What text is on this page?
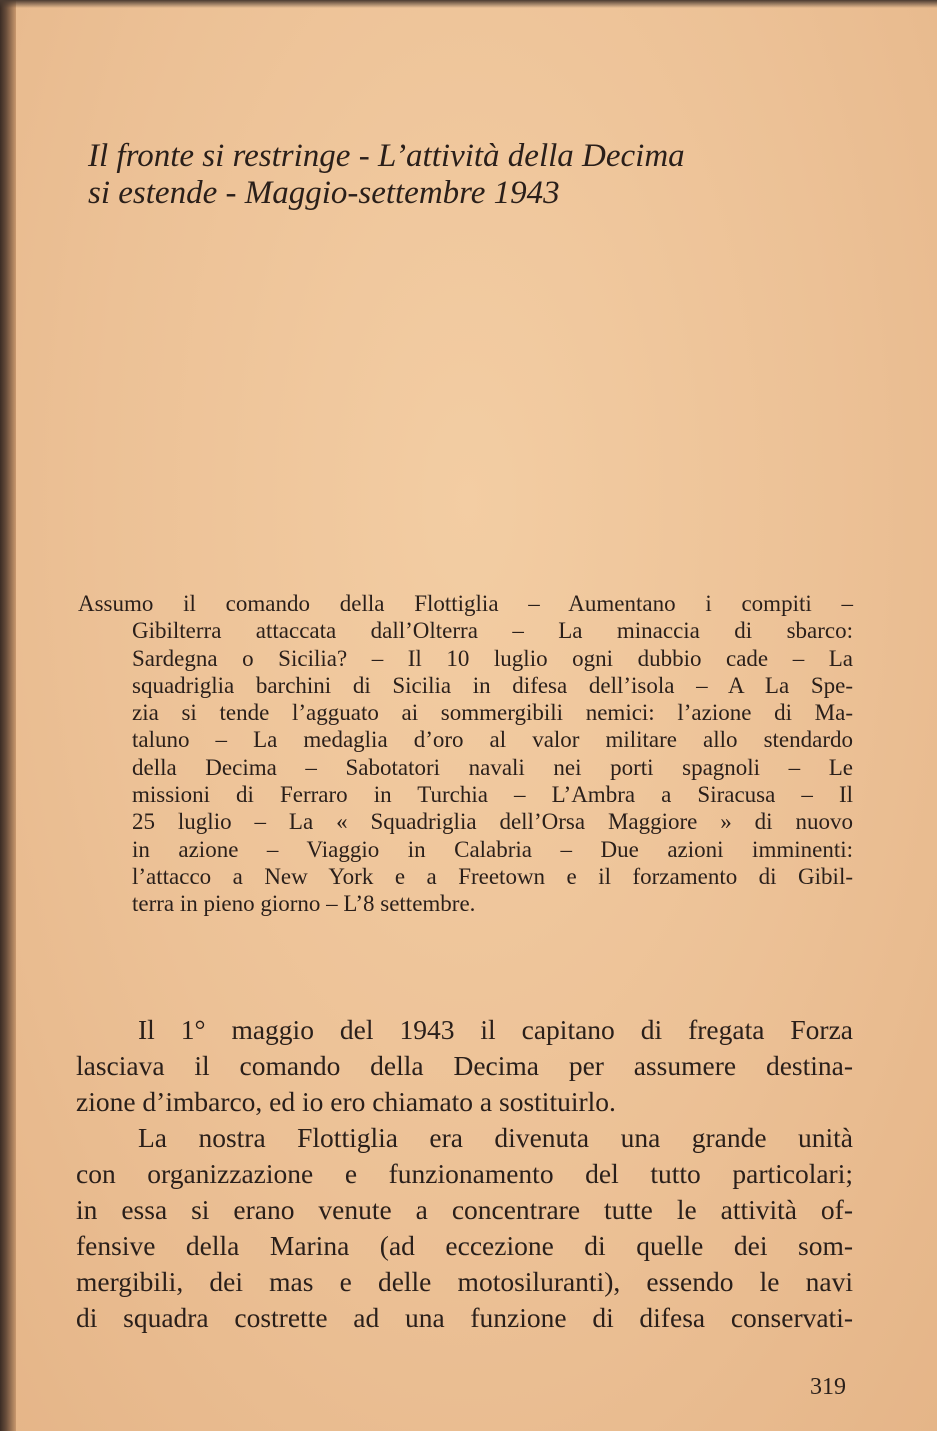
Il fronte si restringe - L’attività della Decima
si estende - Maggio-settembre 1943
Assumo il comando della Flottiglia – Aumentano i compiti –
Gibilterra attaccata dall’Olterra – La minaccia di sbarco:
Sardegna o Sicilia? – Il 10 luglio ogni dubbio cade – La
squadriglia barchini di Sicilia in difesa dell’isola – A La Spe-
zia si tende l’agguato ai sommergibili nemici: l’azione di Ma-
taluno – La medaglia d’oro al valor militare allo stendardo
della Decima – Sabotatori navali nei porti spagnoli – Le
missioni di Ferraro in Turchia – L’Ambra a Siracusa – Il
25 luglio – La « Squadriglia dell’Orsa Maggiore » di nuovo
in azione – Viaggio in Calabria – Due azioni imminenti:
l’attacco a New York e a Freetown e il forzamento di Gibil-
terra in pieno giorno – L’8 settembre.
Il 1° maggio del 1943 il capitano di fregata Forza
lasciava il comando della Decima per assumere destina-
zione d’imbarco, ed io ero chiamato a sostituirlo.
La nostra Flottiglia era divenuta una grande unità
con organizzazione e funzionamento del tutto particolari;
in essa si erano venute a concentrare tutte le attività of-
fensive della Marina (ad eccezione di quelle dei som-
mergibili, dei mas e delle motosiluranti), essendo le navi
di squadra costrette ad una funzione di difesa conservati-
319
